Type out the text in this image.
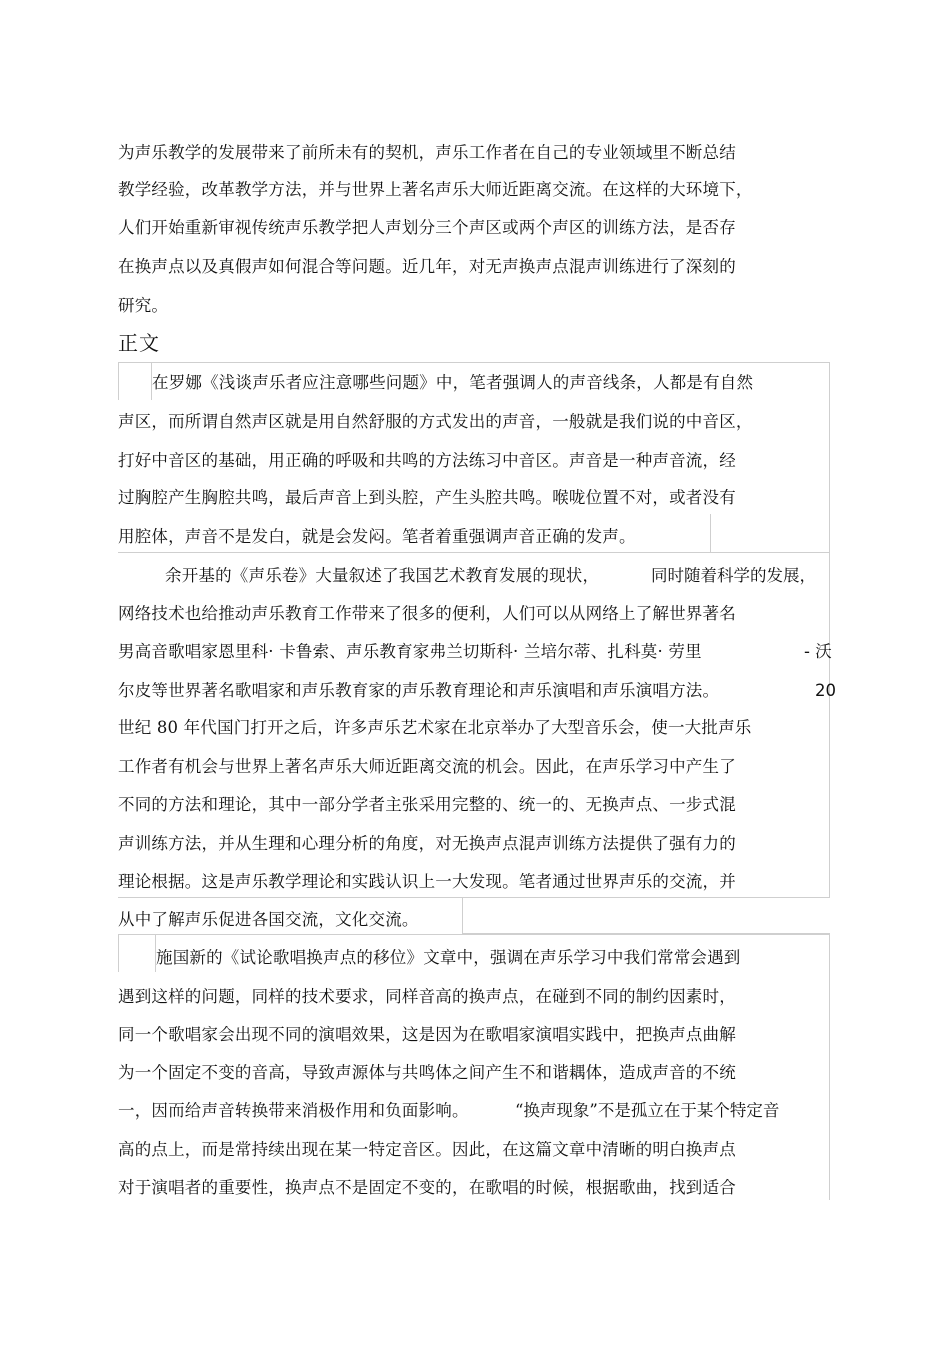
为声乐教学的发展带来了前所未有的契机，声乐工作者在自己的专业领域里不断总结
教学经验，改革教学方法，并与世界上著名声乐大师近距离交流。在这样的大环境下，
人们开始重新审视传统声乐教学把人声划分三个声区或两个声区的训练方法，是否存
在换声点以及真假声如何混合等问题。近几年，对无声换声点混声训练进行了深刻的
研究。
正文
在罗娜《浅谈声乐者应注意哪些问题》中，笔者强调人的声音线条，人都是有自然
声区，而所谓自然声区就是用自然舒服的方式发出的声音，一般就是我们说的中音区，
打好中音区的基础，用正确的呼吸和共鸣的方法练习中音区。声音是一种声音流，经
过胸腔产生胸腔共鸣，最后声音上到头腔，产生头腔共鸣。喉咙位置不对，或者没有
用腔体，声音不是发白，就是会发闷。笔者着重强调声音正确的发声。
余开基的《声乐卷》大量叙述了我国艺术教育发展的现状，	同时随着科学的发展，
网络技术也给推动声乐教育工作带来了很多的便利，人们可以从网络上了解世界著名
男高音歌唱家恩里科· 卡鲁索、声乐教育家弗兰切斯科· 兰培尔蒂、扎科莫· 劳里	- 沃
尔皮等世界著名歌唱家和声乐教育家的声乐教育理论和声乐演唱和声乐演唱方法。	20
世纪 80 年代国门打开之后，许多声乐艺术家在北京举办了大型音乐会，使一大批声乐
工作者有机会与世界上著名声乐大师近距离交流的机会。因此，在声乐学习中产生了
不同的方法和理论，其中一部分学者主张采用完整的、统一的、无换声点、一步式混
声训练方法，并从生理和心理分析的角度，对无换声点混声训练方法提供了强有力的
理论根据。这是声乐教学理论和实践认识上一大发现。笔者通过世界声乐的交流，并
从中了解声乐促进各国交流，文化交流。
施国新的《试论歌唱换声点的移位》文章中，强调在声乐学习中我们常常会遇到
遇到这样的问题，同样的技术要求，同样音高的换声点，在碰到不同的制约因素时，
同一个歌唱家会出现不同的演唱效果，这是因为在歌唱家演唱实践中，把换声点曲解
为一个固定不变的音高，导致声源体与共鸣体之间产生不和谐耦体，造成声音的不统
一，因而给声音转换带来消极作用和负面影响。	“换声现象”不是孤立在于某个特定音
高的点上，而是常持续出现在某一特定音区。因此，在这篇文章中清晰的明白换声点
对于演唱者的重要性，换声点不是固定不变的，在歌唱的时候，根据歌曲，找到适合
